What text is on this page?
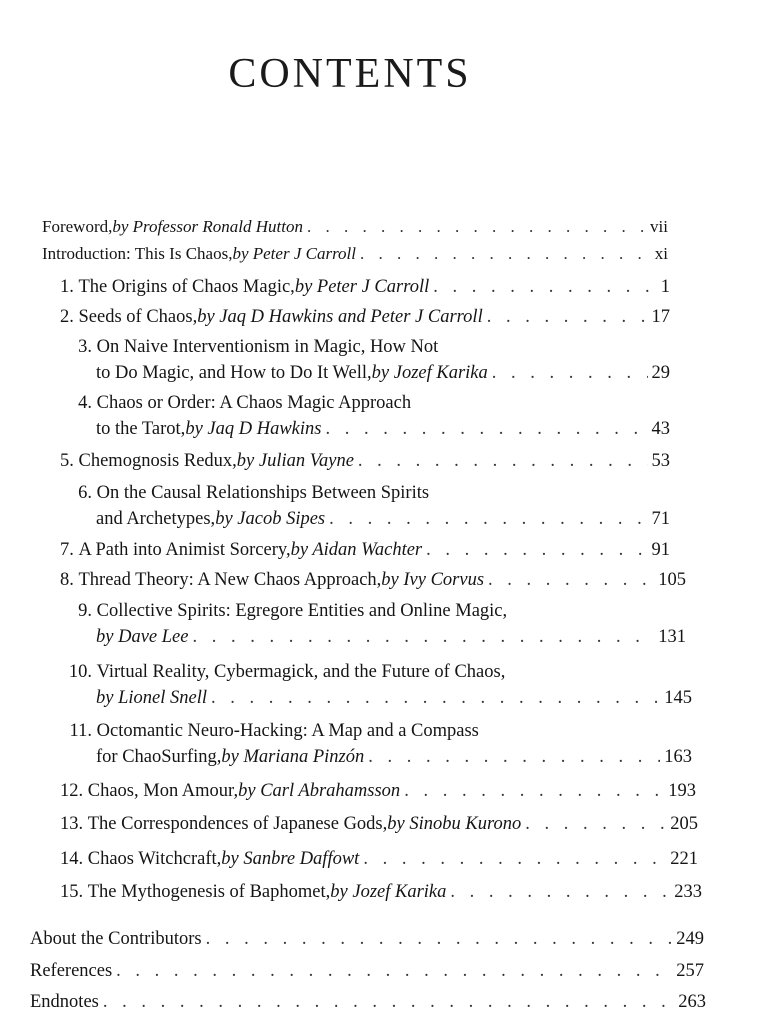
CONTENTS
Foreword, by Professor Ronald Hutton . . .	vii
Introduction: This Is Chaos, by Peter J Carroll . . .	xi
1.
The Origins of Chaos Magic, by Peter J Carroll . . .	1
2.
Seeds of Chaos, by Jaq D Hawkins and Peter J Carroll . . .	17
3.
On Naive Interventionism in Magic, How Not
to Do Magic, and How to Do It Well, by Jozef Karika . . .	29
4.
Chaos or Order: A Chaos Magic Approach
to the Tarot, by Jaq D Hawkins . . .	43
5.
Chemognosis Redux, by Julian Vayne . . .	53
6.
On the Causal Relationships Between Spirits
and Archetypes, by Jacob Sipes . . .	71
7.
A Path into Animist Sorcery, by Aidan Wachter . . .	91
8.
Thread Theory: A New Chaos Approach, by Ivy Corvus . . .	105
9.
Collective Spirits: Egregore Entities and Online Magic,
by Dave Lee . . .	131
10.
Virtual Reality, Cybermagick, and the Future of Chaos,
by Lionel Snell . . .	145
11.
Octomantic Neuro-Hacking: A Map and a Compass
for ChaoSurfing, by Mariana Pinzón . . .	163
12.
Chaos, Mon Amour, by Carl Abrahamsson . . .	193
13.
The Correspondences of Japanese Gods, by Sinobu Kurono . . .	205
14.
Chaos Witchcraft, by Sanbre Daffowt . . .	221
15.
The Mythogenesis of Baphomet, by Jozef Karika . . .	233
About the Contributors . . .	249
References . . .	257
Endnotes . . .	263
